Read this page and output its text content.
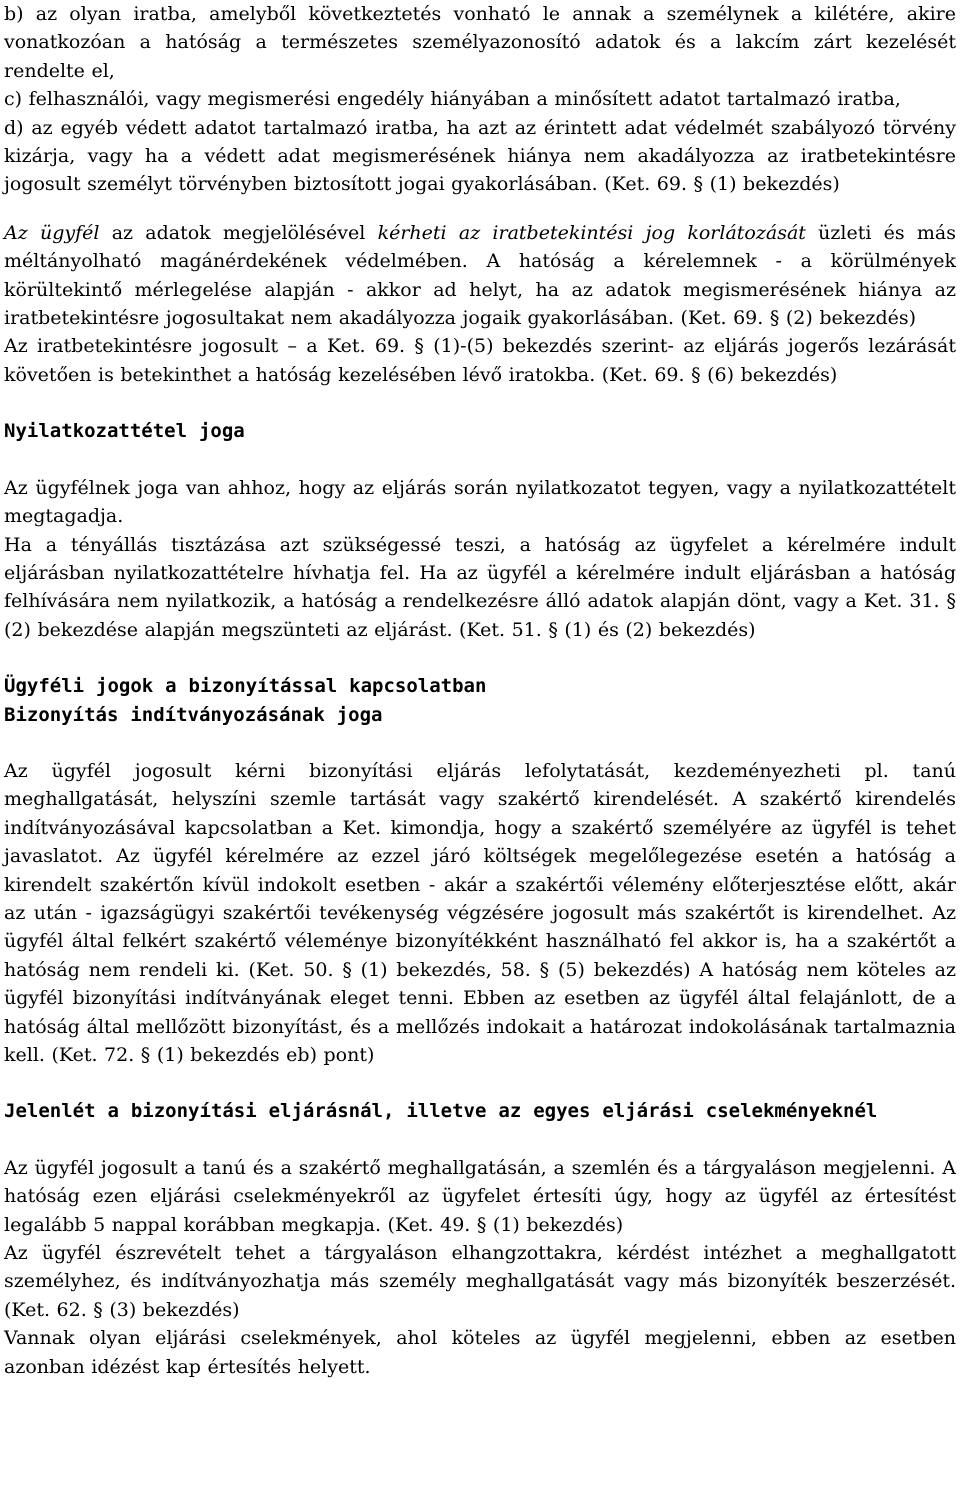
b) az olyan iratba, amelyből következtetés vonható le annak a személynek a kilétére, akire vonatkozóan a hatóság a természetes személyazonosító adatok és a lakcím zárt kezelését rendelte el,

c) felhasználói, vagy megismerési engedély hiányában a minősített adatot tartalmazó iratba,

d) az egyéb védett adatot tartalmazó iratba, ha azt az érintett adat védelmét szabályozó törvény kizárja, vagy ha a védett adat megismerésének hiánya nem akadályozza az iratbetekintésre jogosult személyt törvényben biztosított jogai gyakorlásában. (Ket. 69. § (1) bekezdés)

Az ügyfél az adatok megjelölésével kérheti az iratbetekintési jog korlátozását üzleti és más méltányolható magánérdekének védelmében. A hatóság a kérelemnek - a körülmények körültekintő mérlegelése alapján - akkor ad helyt, ha az adatok megismerésének hiánya az iratbetekintésre jogosultakat nem akadályozza jogaik gyakorlásában. (Ket. 69. § (2) bekezdés)

Az iratbetekintésre jogosult – a Ket. 69. § (1)-(5) bekezdés szerint- az eljárás jogerős lezárását követően is betekinthet a hatóság kezelésében lévő iratokba. (Ket. 69. § (6) bekezdés)

Nyilatkozattétel joga

Az ügyfélnek joga van ahhoz, hogy az eljárás során nyilatkozatot tegyen, vagy a nyilatkozattételt megtagadja.

Ha a tényállás tisztázása azt szükségessé teszi, a hatóság az ügyfelet a kérelmére indult eljárásban nyilatkozattételre hívhatja fel. Ha az ügyfél a kérelmére indult eljárásban a hatóság felhívására nem nyilatkozik, a hatóság a rendelkezésre álló adatok alapján dönt, vagy a Ket. 31. § (2) bekezdése alapján megszünteti az eljárást. (Ket. 51. § (1) és (2) bekezdés)

Ügyféli jogok a bizonyítással kapcsolatban

Bizonyítás indítványozásának joga

Az ügyfél jogosult kérni bizonyítási eljárás lefolytatását, kezdeményezheti pl. tanú meghallgatását, helyszíni szemle tartását vagy szakértő kirendelését. A szakértő kirendelés indítványozásával kapcsolatban a Ket. kimondja, hogy a szakértő személyére az ügyfél is tehet javaslatot. Az ügyfél kérelmére az ezzel járó költségek megelőlegezése esetén a hatóság a kirendelt szakértőn kívül indokolt esetben - akár a szakértői vélemény előterjesztése előtt, akár az után - igazságügyi szakértői tevékenység végzésére jogosult más szakértőt is kirendelhet. Az ügyfél által felkért szakértő véleménye bizonyítékként használható fel akkor is, ha a szakértőt a hatóság nem rendeli ki. (Ket. 50. § (1) bekezdés, 58. § (5) bekezdés) A hatóság nem köteles az ügyfél bizonyítási indítványának eleget tenni. Ebben az esetben az ügyfél által felajánlott, de a hatóság által mellőzött bizonyítást, és a mellőzés indokait a határozat indokolásának tartalmaznia kell. (Ket. 72. § (1) bekezdés eb) pont)

Jelenlét a bizonyítási eljárásnál, illetve az egyes eljárási cselekményeknél

Az ügyfél jogosult a tanú és a szakértő meghallgatásán, a szemlén és a tárgyaláson megjelenni. A hatóság ezen eljárási cselekményekről az ügyfelet értesíti úgy, hogy az ügyfél az értesítést legalább 5 nappal korábban megkapja. (Ket. 49. § (1) bekezdés)

Az ügyfél észrevételt tehet a tárgyaláson elhangzottakra, kérdést intézhet a meghallgatott személyhez, és indítványozhatja más személy meghallgatását vagy más bizonyíték beszerzését. (Ket. 62. § (3) bekezdés)

Vannak olyan eljárási cselekmények, ahol köteles az ügyfél megjelenni, ebben az esetben azonban idézést kap értesítés helyett.
